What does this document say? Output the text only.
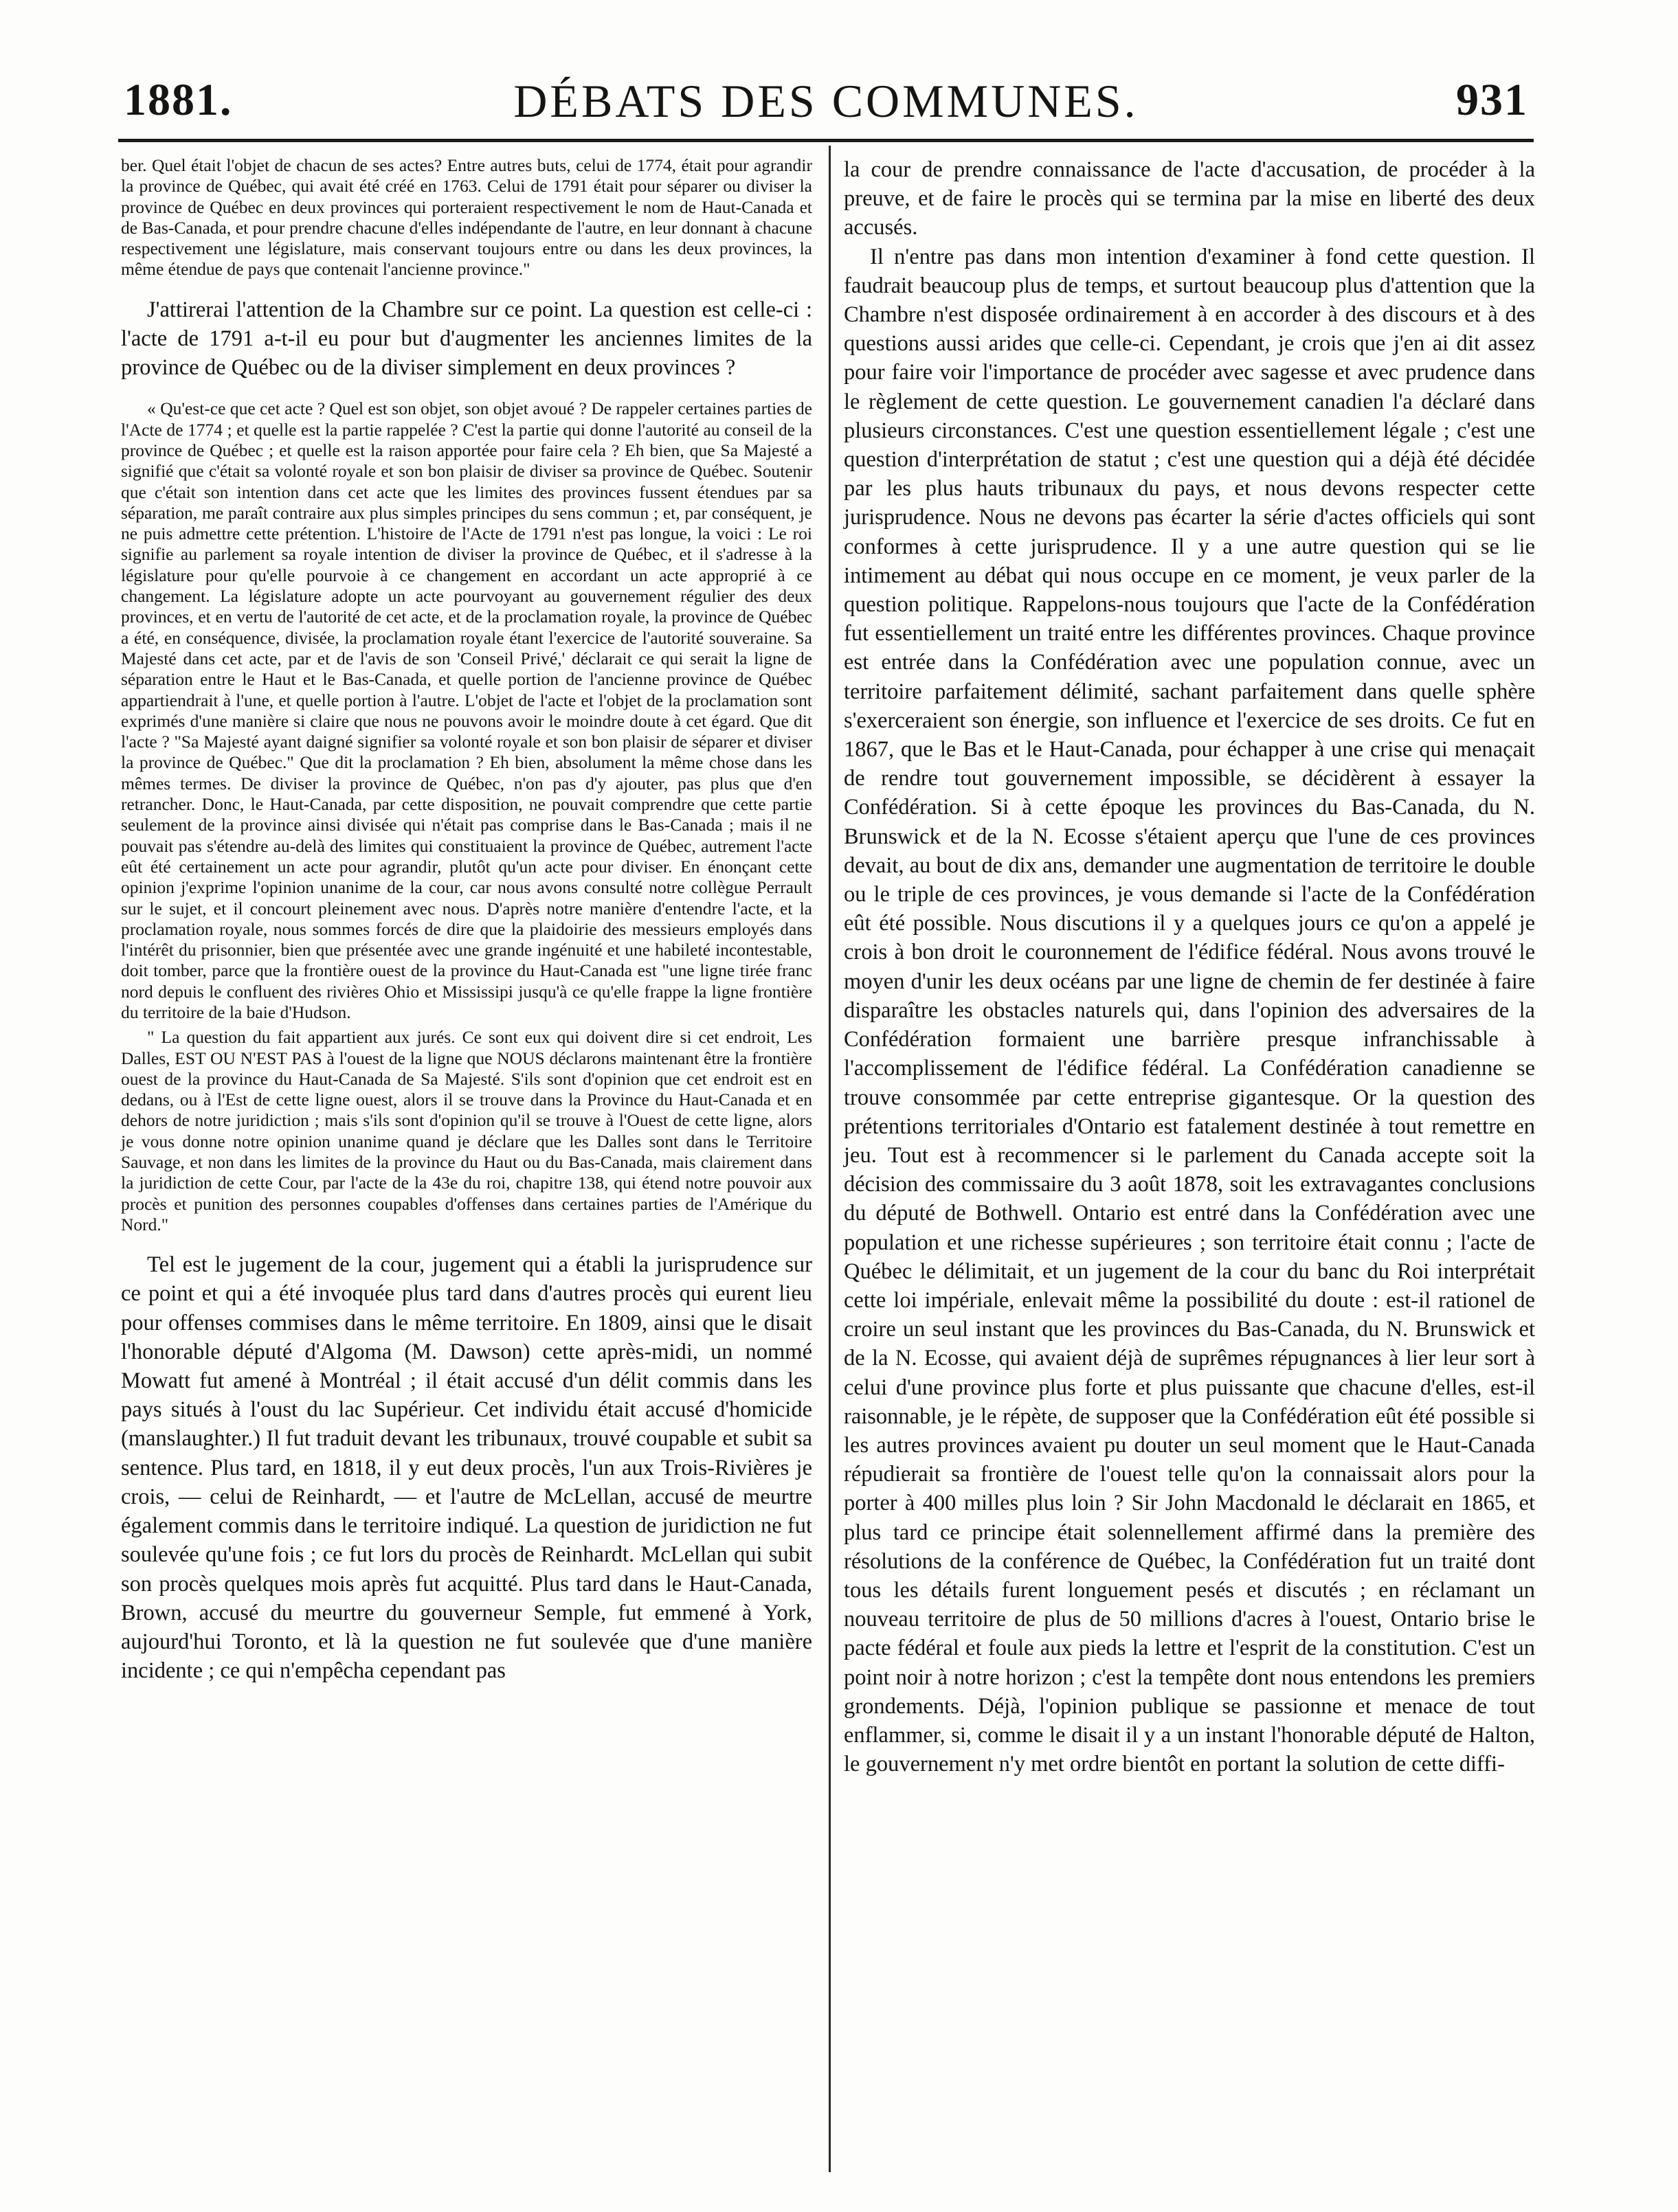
1881.	DÉBATS DES COMMUNES.	931

ber. Quel était l'objet de chacun de ses actes? Entre autres buts, celui de 1774, était pour agrandir la province de Québec, qui avait été créé en 1763. Celui de 1791 était pour séparer ou diviser la province de Québec en deux provinces qui porteraient respectivement le nom de Haut-Canada et de Bas-Canada, et pour prendre chacune d'elles indépendante de l'autre, en leur donnant à chacune respectivement une législature, mais conservant toujours entre ou dans les deux provinces, la même étendue de pays que contenait l'ancienne province."

J'attirerai l'attention de la Chambre sur ce point. La question est celle-ci : l'acte de 1791 a-t-il eu pour but d'augmenter les anciennes limites de la province de Québec ou de la diviser simplement en deux provinces ?

« Qu'est-ce que cet acte ? Quel est son objet, son objet avoué ? De rappeler certaines parties de l'Acte de 1774 ; et quelle est la partie rappelée ? C'est la partie qui donne l'autorité au conseil de la province de Québec ; et quelle est la raison apportée pour faire cela ? Eh bien, que Sa Majesté a signifié que c'était sa volonté royale et son bon plaisir de diviser sa province de Québec. Soutenir que c'était son intention dans cet acte que les limites des provinces fussent étendues par sa séparation, me paraît contraire aux plus simples principes du sens commun ; et, par conséquent, je ne puis admettre cette prétention. L'histoire de l'Acte de 1791 n'est pas longue, la voici : Le roi signifie au parlement sa royale intention de diviser la province de Québec, et il s'adresse à la législature pour qu'elle pourvoie à ce changement en accordant un acte approprié à ce changement. La législature adopte un acte pourvoyant au gouvernement régulier des deux provinces, et en vertu de l'autorité de cet acte, et de la proclamation royale, la province de Québec a été, en conséquence, divisée, la proclamation royale étant l'exercice de l'autorité souveraine. Sa Majesté dans cet acte, par et de l'avis de son 'Conseil Privé,' déclarait ce qui serait la ligne de séparation entre le Haut et le Bas-Canada, et quelle portion de l'ancienne province de Québec appartiendrait à l'une, et quelle portion à l'autre. L'objet de l'acte et l'objet de la proclamation sont exprimés d'une manière si claire que nous ne pouvons avoir le moindre doute à cet égard. Que dit l'acte ? "Sa Majesté ayant daigné signifier sa volonté royale et son bon plaisir de séparer et diviser la province de Québec." Que dit la proclamation ? Eh bien, absolument la même chose dans les mêmes termes. De diviser la province de Québec, n'on pas d'y ajouter, pas plus que d'en retrancher. Donc, le Haut-Canada, par cette disposition, ne pouvait comprendre que cette partie seulement de la province ainsi divisée qui n'était pas comprise dans le Bas-Canada ; mais il ne pouvait pas s'étendre au-delà des limites qui constituaient la province de Québec, autrement l'acte eût été certainement un acte pour agrandir, plutôt qu'un acte pour diviser. En énonçant cette opinion j'exprime l'opinion unanime de la cour, car nous avons consulté notre collègue Perrault sur le sujet, et il concourt pleinement avec nous. D'après notre manière d'entendre l'acte, et la proclamation royale, nous sommes forcés de dire que la plaidoirie des messieurs employés dans l'intérêt du prisonnier, bien que présentée avec une grande ingénuité et une habileté incontestable, doit tomber, parce que la frontière ouest de la province du Haut-Canada est "une ligne tirée franc nord depuis le confluent des rivières Ohio et Mississipi jusqu'à ce qu'elle frappe la ligne frontière du territoire de la baie d'Hudson.

" La question du fait appartient aux jurés. Ce sont eux qui doivent dire si cet endroit, Les Dalles, EST OU N'EST PAS à l'ouest de la ligne que NOUS déclarons maintenant être la frontière ouest de la province du Haut-Canada de Sa Majesté. S'ils sont d'opinion que cet endroit est en dedans, ou à l'Est de cette ligne ouest, alors il se trouve dans la Province du Haut-Canada et en dehors de notre juridiction ; mais s'ils sont d'opinion qu'il se trouve à l'Ouest de cette ligne, alors je vous donne notre opinion unanime quand je déclare que les Dalles sont dans le Territoire Sauvage, et non dans les limites de la province du Haut ou du Bas-Canada, mais clairement dans la juridiction de cette Cour, par l'acte de la 43e du roi, chapitre 138, qui étend notre pouvoir aux procès et punition des personnes coupables d'offenses dans certaines parties de l'Amérique du Nord."

Tel est le jugement de la cour, jugement qui a établi la jurisprudence sur ce point et qui a été invoquée plus tard dans d'autres procès qui eurent lieu pour offenses commises dans le même territoire. En 1809, ainsi que le disait l'honorable député d'Algoma (M. Dawson) cette après-midi, un nommé Mowatt fut amené à Montréal ; il était accusé d'un délit commis dans les pays situés à l'oust du lac Supérieur. Cet individu était accusé d'homicide (manslaughter.) Il fut traduit devant les tribunaux, trouvé coupable et subit sa sentence. Plus tard, en 1818, il y eut deux procès, l'un aux Trois-Rivières je crois, — celui de Reinhardt, — et l'autre de McLellan, accusé de meurtre également commis dans le territoire indiqué. La question de juridiction ne fut soulevée qu'une fois ; ce fut lors du procès de Reinhardt. McLellan qui subit son procès quelques mois après fut acquitté. Plus tard dans le Haut-Canada, Brown, accusé du meurtre du gouverneur Semple, fut emmené à York, aujourd'hui Toronto, et là la question ne fut soulevée que d'une manière incidente ; ce qui n'empêcha cependant pas

la cour de prendre connaissance de l'acte d'accusation, de procéder à la preuve, et de faire le procès qui se termina par la mise en liberté des deux accusés.

Il n'entre pas dans mon intention d'examiner à fond cette question. Il faudrait beaucoup plus de temps, et surtout beaucoup plus d'attention que la Chambre n'est disposée ordinairement à en accorder à des discours et à des questions aussi arides que celle-ci. Cependant, je crois que j'en ai dit assez pour faire voir l'importance de procéder avec sagesse et avec prudence dans le règlement de cette question. Le gouvernement canadien l'a déclaré dans plusieurs circonstances. C'est une question essentiellement légale ; c'est une question d'interprétation de statut ; c'est une question qui a déjà été décidée par les plus hauts tribunaux du pays, et nous devons respecter cette jurisprudence. Nous ne devons pas écarter la série d'actes officiels qui sont conformes à cette jurisprudence. Il y a une autre question qui se lie intimement au débat qui nous occupe en ce moment, je veux parler de la question politique. Rappelons-nous toujours que l'acte de la Confédération fut essentiellement un traité entre les différentes provinces. Chaque province est entrée dans la Confédération avec une population connue, avec un territoire parfaitement délimité, sachant parfaitement dans quelle sphère s'exerceraient son énergie, son influence et l'exercice de ses droits. Ce fut en 1867, que le Bas et le Haut-Canada, pour échapper à une crise qui menaçait de rendre tout gouvernement impossible, se décidèrent à essayer la Confédération. Si à cette époque les provinces du Bas-Canada, du N. Brunswick et de la N. Ecosse s'étaient aperçu que l'une de ces provinces devait, au bout de dix ans, demander une augmentation de territoire le double ou le triple de ces provinces, je vous demande si l'acte de la Confédération eût été possible. Nous discutions il y a quelques jours ce qu'on a appelé je crois à bon droit le couronnement de l'édifice fédéral. Nous avons trouvé le moyen d'unir les deux océans par une ligne de chemin de fer destinée à faire disparaître les obstacles naturels qui, dans l'opinion des adversaires de la Confédération formaient une barrière presque infranchissable à l'accomplissement de l'édifice fédéral. La Confédération canadienne se trouve consommée par cette entreprise gigantesque. Or la question des prétentions territoriales d'Ontario est fatalement destinée à tout remettre en jeu. Tout est à recommencer si le parlement du Canada accepte soit la décision des commissaire du 3 août 1878, soit les extravagantes conclusions du député de Bothwell. Ontario est entré dans la Confédération avec une population et une richesse supérieures ; son territoire était connu ; l'acte de Québec le délimitait, et un jugement de la cour du banc du Roi interprétait cette loi impériale, enlevait même la possibilité du doute : est-il rationel de croire un seul instant que les provinces du Bas-Canada, du N. Brunswick et de la N. Ecosse, qui avaient déjà de suprêmes répugnances à lier leur sort à celui d'une province plus forte et plus puissante que chacune d'elles, est-il raisonnable, je le répète, de supposer que la Confédération eût été possible si les autres provinces avaient pu douter un seul moment que le Haut-Canada répudierait sa frontière de l'ouest telle qu'on la connaissait alors pour la porter à 400 milles plus loin ? Sir John Macdonald le déclarait en 1865, et plus tard ce principe était solennellement affirmé dans la première des résolutions de la conférence de Québec, la Confédération fut un traité dont tous les détails furent longuement pesés et discutés ; en réclamant un nouveau territoire de plus de 50 millions d'acres à l'ouest, Ontario brise le pacte fédéral et foule aux pieds la lettre et l'esprit de la constitution. C'est un point noir à notre horizon ; c'est la tempête dont nous entendons les premiers grondements. Déjà, l'opinion publique se passionne et menace de tout enflammer, si, comme le disait il y a un instant l'honorable député de Halton, le gouvernement n'y met ordre bientôt en portant la solution de cette diffi-
